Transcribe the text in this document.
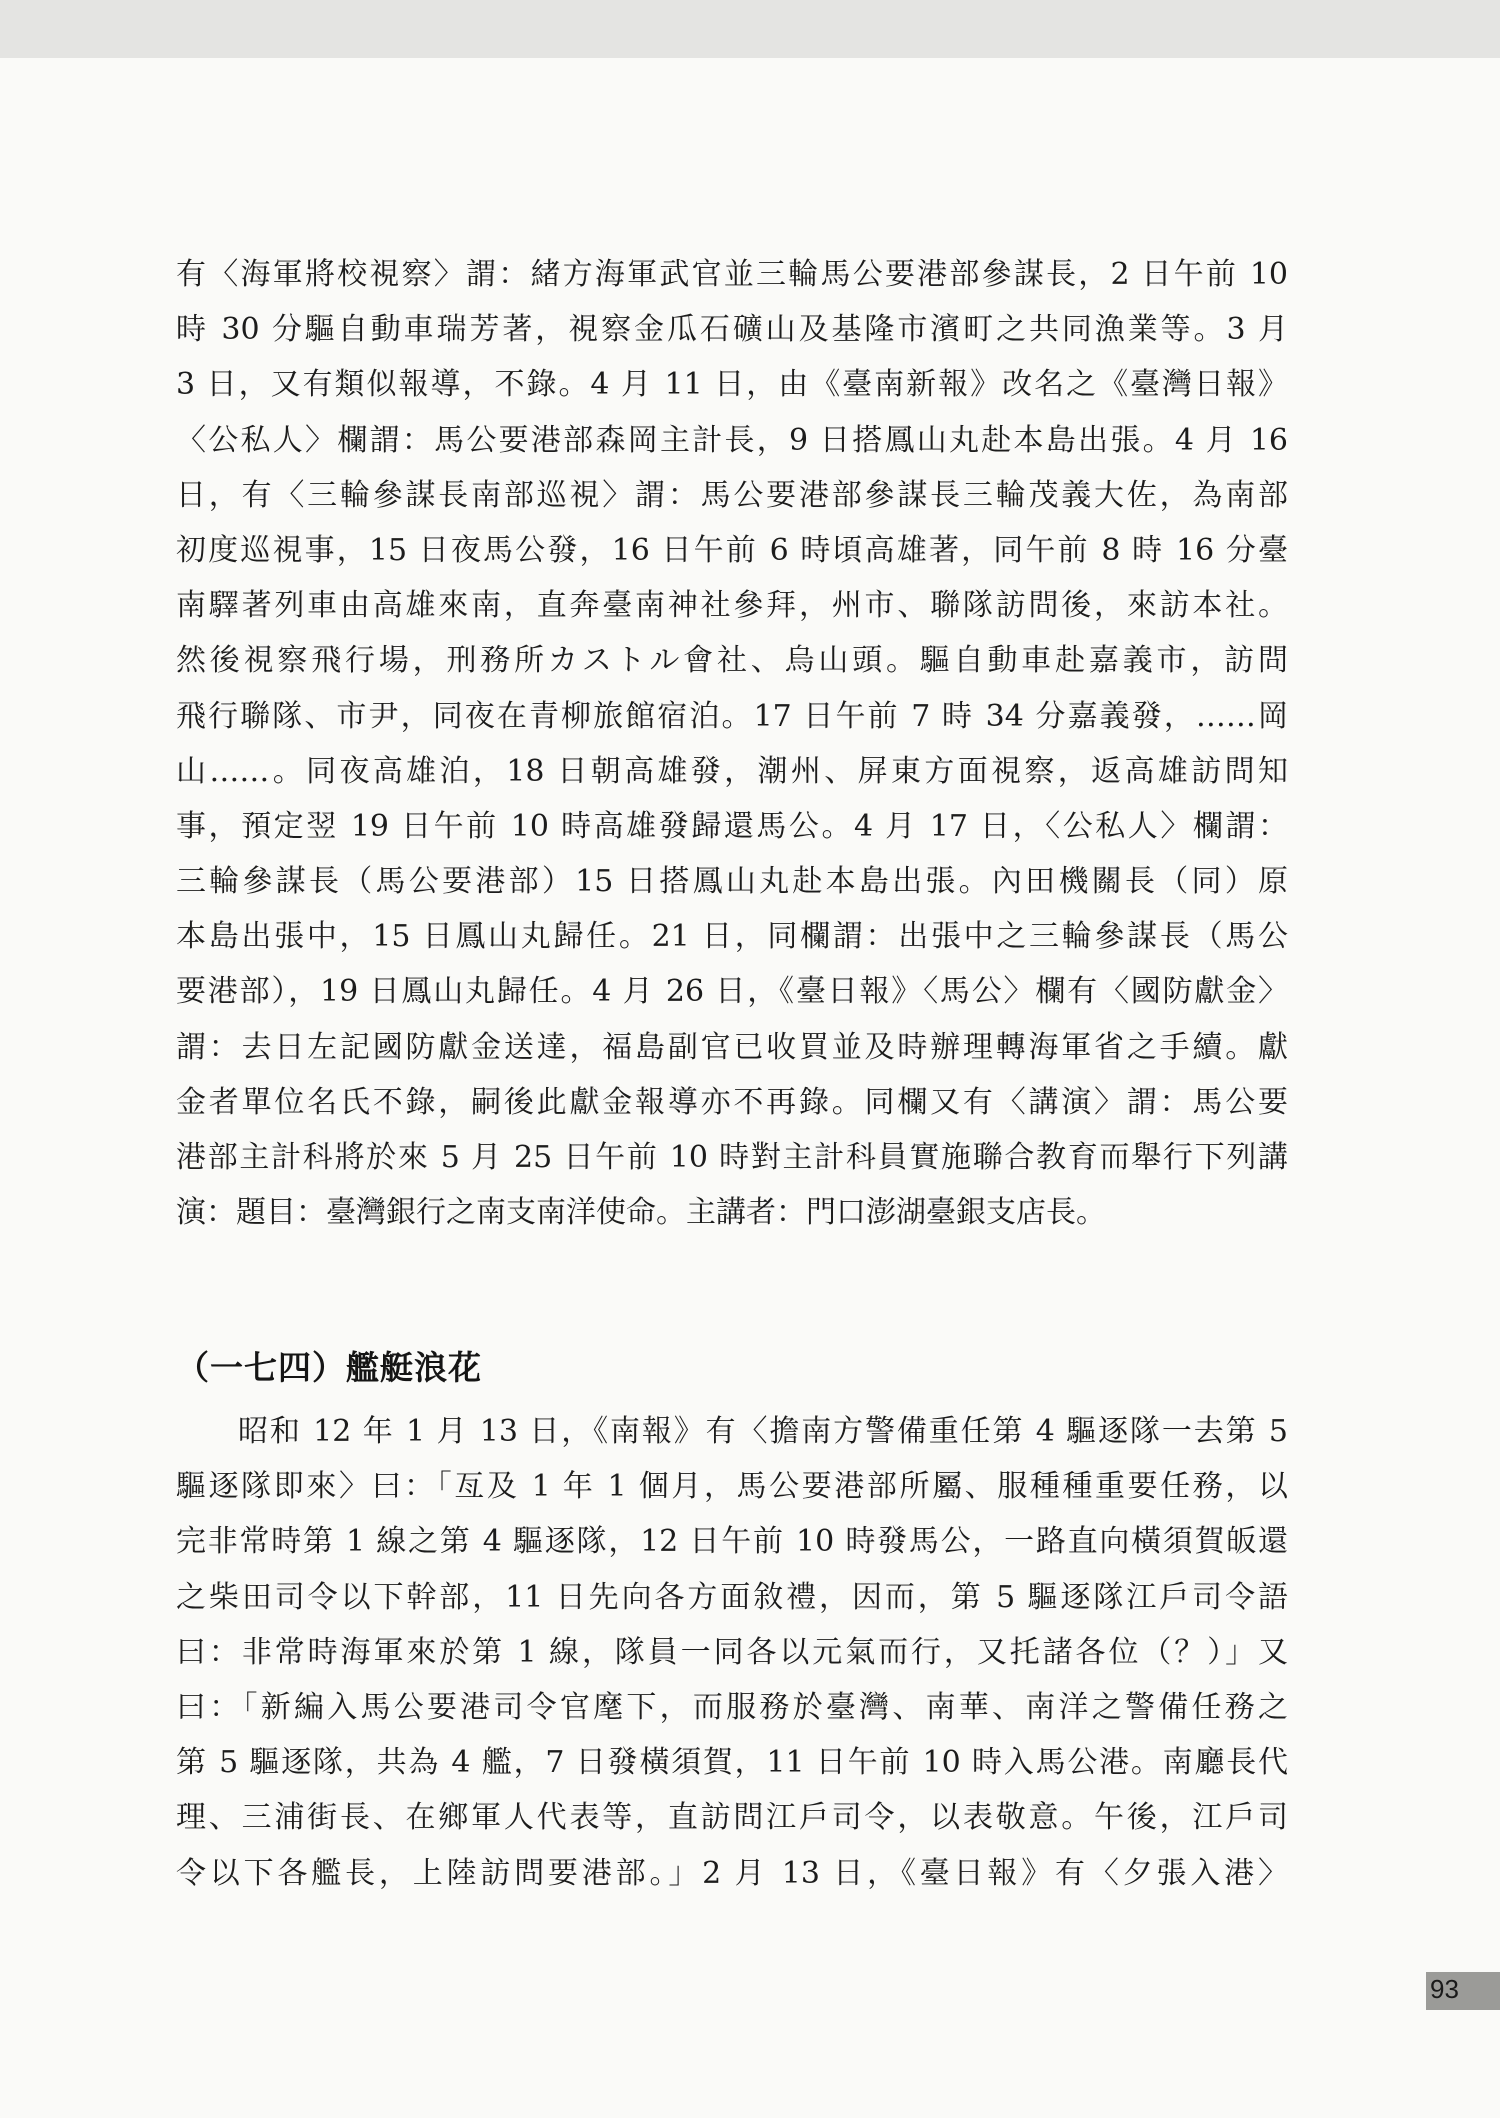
有〈海軍將校視察〉謂：緒方海軍武官並三輪馬公要港部參謀長，2 日午前 10
時 30 分驅自動車瑞芳著，視察金瓜石礦山及基隆市濱町之共同漁業等。3 月
3 日，又有類似報導，不錄。4 月 11 日，由《臺南新報》改名之《臺灣日報》
〈公私人〉欄謂：馬公要港部森岡主計長，9 日搭鳳山丸赴本島出張。4 月 16
日，有〈三輪參謀長南部巡視〉謂：馬公要港部參謀長三輪茂義大佐，為南部
初度巡視事，15 日夜馬公發，16 日午前 6 時頃高雄著，同午前 8 時 16 分臺
南驛著列車由高雄來南，直奔臺南神社參拜，州市、聯隊訪問後，來訪本社。
然後視察飛行場，刑務所カストル會社、烏山頭。驅自動車赴嘉義市，訪問
飛行聯隊、市尹，同夜在青柳旅館宿泊。17 日午前 7 時 34 分嘉義發，……岡
山……。同夜高雄泊，18 日朝高雄發，潮州、屏東方面視察，返高雄訪問知
事，預定翌 19 日午前 10 時高雄發歸還馬公。4 月 17 日，〈公私人〉欄謂：
三輪參謀長（馬公要港部）15 日搭鳳山丸赴本島出張。內田機關長（同）原
本島出張中，15 日鳳山丸歸任。21 日，同欄謂：出張中之三輪參謀長（馬公
要港部），19 日鳳山丸歸任。4 月 26 日，《臺日報》〈馬公〉欄有〈國防獻金〉
謂：去日左記國防獻金送達，福島副官已收買並及時辦理轉海軍省之手續。獻
金者單位名氏不錄，嗣後此獻金報導亦不再錄。同欄又有〈講演〉謂：馬公要
港部主計科將於來 5 月 25 日午前 10 時對主計科員實施聯合教育而舉行下列講
演：題目：臺灣銀行之南支南洋使命。主講者：門口澎湖臺銀支店長。

（一七四）艦艇浪花

昭和 12 年 1 月 13 日，《南報》有〈擔南方警備重任第 4 驅逐隊一去第 5
驅逐隊即來〉曰：「亙及 1 年 1 個月，馬公要港部所屬、服種種重要任務，以
完非常時第 1 線之第 4 驅逐隊，12 日午前 10 時發馬公，一路直向橫須賀皈還
之柴田司令以下幹部，11 日先向各方面敘禮，因而，第 5 驅逐隊江戶司令語
曰：非常時海軍來於第 1 線，隊員一同各以元氣而行，又托諸各位（？）」又
曰：「新編入馬公要港司令官麾下，而服務於臺灣、南華、南洋之警備任務之
第 5 驅逐隊，共為 4 艦，7 日發橫須賀，11 日午前 10 時入馬公港。南廳長代
理、三浦街長、在鄉軍人代表等，直訪問江戶司令，以表敬意。午後，江戶司
令以下各艦長，上陸訪問要港部。」2 月 13 日，《臺日報》有〈夕張入港〉

93
